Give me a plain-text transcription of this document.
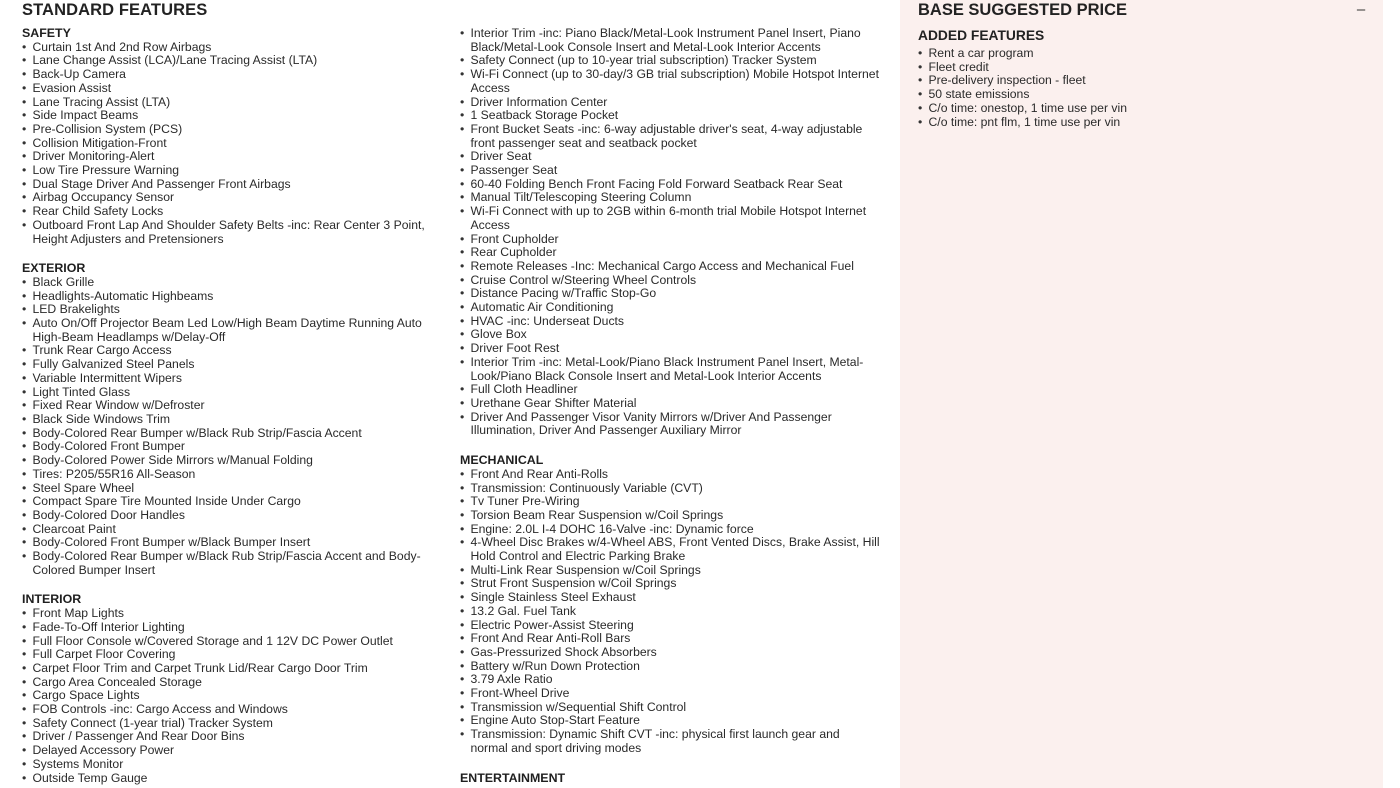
STANDARD FEATURES
SAFETY
• Curtain 1st And 2nd Row Airbags
• Lane Change Assist (LCA)/Lane Tracing Assist (LTA)
• Back-Up Camera
• Evasion Assist
• Lane Tracing Assist (LTA)
• Side Impact Beams
• Pre-Collision System (PCS)
• Collision Mitigation-Front
• Driver Monitoring-Alert
• Low Tire Pressure Warning
• Dual Stage Driver And Passenger Front Airbags
• Airbag Occupancy Sensor
• Rear Child Safety Locks
• Outboard Front Lap And Shoulder Safety Belts -inc: Rear Center 3 Point, Height Adjusters and Pretensioners
EXTERIOR
• Black Grille
• Headlights-Automatic Highbeams
• LED Brakelights
• Auto On/Off Projector Beam Led Low/High Beam Daytime Running Auto High-Beam Headlamps w/Delay-Off
• Trunk Rear Cargo Access
• Fully Galvanized Steel Panels
• Variable Intermittent Wipers
• Light Tinted Glass
• Fixed Rear Window w/Defroster
• Black Side Windows Trim
• Body-Colored Rear Bumper w/Black Rub Strip/Fascia Accent
• Body-Colored Front Bumper
• Body-Colored Power Side Mirrors w/Manual Folding
• Tires: P205/55R16 All-Season
• Steel Spare Wheel
• Compact Spare Tire Mounted Inside Under Cargo
• Body-Colored Door Handles
• Clearcoat Paint
• Body-Colored Front Bumper w/Black Bumper Insert
• Body-Colored Rear Bumper w/Black Rub Strip/Fascia Accent and Body-Colored Bumper Insert
INTERIOR
• Front Map Lights
• Fade-To-Off Interior Lighting
• Full Floor Console w/Covered Storage and 1 12V DC Power Outlet
• Full Carpet Floor Covering
• Carpet Floor Trim and Carpet Trunk Lid/Rear Cargo Door Trim
• Cargo Area Concealed Storage
• Cargo Space Lights
• FOB Controls -inc: Cargo Access and Windows
• Safety Connect (1-year trial) Tracker System
• Driver / Passenger And Rear Door Bins
• Delayed Accessory Power
• Systems Monitor
• Outside Temp Gauge
• Interior Trim -inc: Piano Black/Metal-Look Instrument Panel Insert, Piano Black/Metal-Look Console Insert and Metal-Look Interior Accents
• Safety Connect (up to 10-year trial subscription) Tracker System
• Wi-Fi Connect (up to 30-day/3 GB trial subscription) Mobile Hotspot Internet Access
• Driver Information Center
• 1 Seatback Storage Pocket
• Front Bucket Seats -inc: 6-way adjustable driver's seat, 4-way adjustable front passenger seat and seatback pocket
• Driver Seat
• Passenger Seat
• 60-40 Folding Bench Front Facing Fold Forward Seatback Rear Seat
• Manual Tilt/Telescoping Steering Column
• Wi-Fi Connect with up to 2GB within 6-month trial Mobile Hotspot Internet Access
• Front Cupholder
• Rear Cupholder
• Remote Releases -Inc: Mechanical Cargo Access and Mechanical Fuel
• Cruise Control w/Steering Wheel Controls
• Distance Pacing w/Traffic Stop-Go
• Automatic Air Conditioning
• HVAC -inc: Underseat Ducts
• Glove Box
• Driver Foot Rest
• Interior Trim -inc: Metal-Look/Piano Black Instrument Panel Insert, Metal-Look/Piano Black Console Insert and Metal-Look Interior Accents
• Full Cloth Headliner
• Urethane Gear Shifter Material
• Driver And Passenger Visor Vanity Mirrors w/Driver And Passenger Illumination, Driver And Passenger Auxiliary Mirror
MECHANICAL
• Front And Rear Anti-Rolls
• Transmission: Continuously Variable (CVT)
• Tv Tuner Pre-Wiring
• Torsion Beam Rear Suspension w/Coil Springs
• Engine: 2.0L I-4 DOHC 16-Valve -inc: Dynamic force
• 4-Wheel Disc Brakes w/4-Wheel ABS, Front Vented Discs, Brake Assist, Hill Hold Control and Electric Parking Brake
• Multi-Link Rear Suspension w/Coil Springs
• Strut Front Suspension w/Coil Springs
• Single Stainless Steel Exhaust
• 13.2 Gal. Fuel Tank
• Electric Power-Assist Steering
• Front And Rear Anti-Roll Bars
• Gas-Pressurized Shock Absorbers
• Battery w/Run Down Protection
• 3.79 Axle Ratio
• Front-Wheel Drive
• Transmission w/Sequential Shift Control
• Engine Auto Stop-Start Feature
• Transmission: Dynamic Shift CVT -inc: physical first launch gear and normal and sport driving modes
ENTERTAINMENT
BASE SUGGESTED PRICE	–
ADDED FEATURES
• Rent a car program
• Fleet credit
• Pre-delivery inspection - fleet
• 50 state emissions
• C/o time: onestop, 1 time use per vin
• C/o time: pnt flm, 1 time use per vin
